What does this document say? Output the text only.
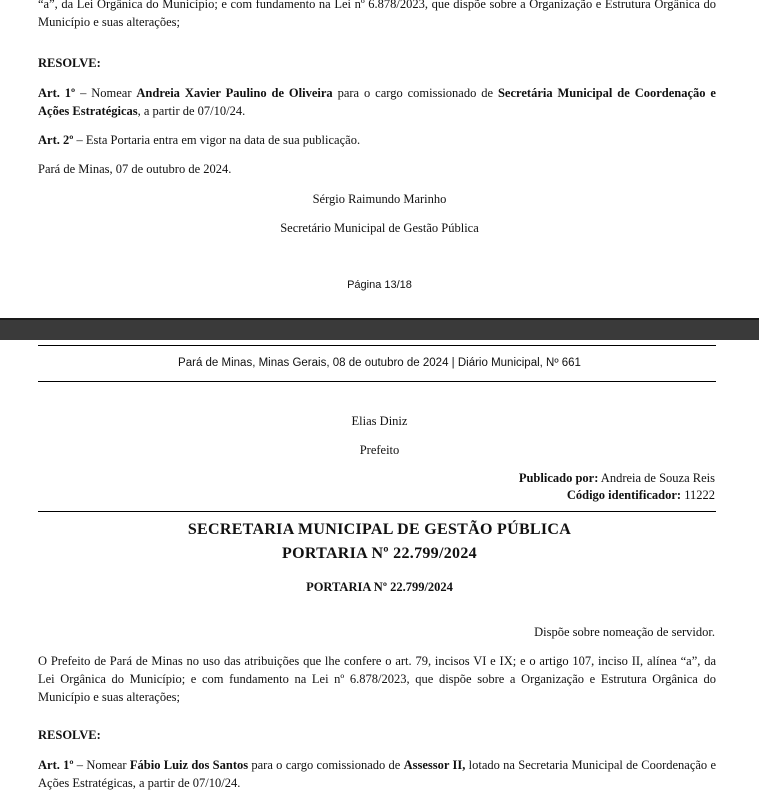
“a”, da Lei Orgânica do Município; e com fundamento na Lei nº 6.878/2023, que dispõe sobre a Organização e Estrutura Orgânica do Município e suas alterações;
RESOLVE:
Art. 1º – Nomear Andreia Xavier Paulino de Oliveira para o cargo comissionado de Secretária Municipal de Coordenação e Ações Estratégicas, a partir de 07/10/24.
Art. 2º – Esta Portaria entra em vigor na data de sua publicação.
Pará de Minas, 07 de outubro de 2024.
Sérgio Raimundo Marinho
Secretário Municipal de Gestão Pública
Página 13/18
Pará de Minas, Minas Gerais, 08 de outubro de 2024 | Diário Municipal, Nº 661
Elias Diniz
Prefeito
Publicado por: Andreia de Souza Reis
Código identificador: 11222
SECRETARIA MUNICIPAL DE GESTÃO PÚBLICA
PORTARIA Nº 22.799/2024
PORTARIA Nº 22.799/2024
Dispõe sobre nomeação de servidor.
O Prefeito de Pará de Minas no uso das atribuições que lhe confere o art. 79, incisos VI e IX; e o artigo 107, inciso II, alínea “a”, da Lei Orgânica do Município; e com fundamento na Lei nº 6.878/2023, que dispõe sobre a Organização e Estrutura Orgânica do Município e suas alterações;
RESOLVE:
Art. 1º – Nomear Fábio Luiz dos Santos para o cargo comissionado de Assessor II, lotado na Secretaria Municipal de Coordenação e Ações Estratégicas, a partir de 07/10/24.
